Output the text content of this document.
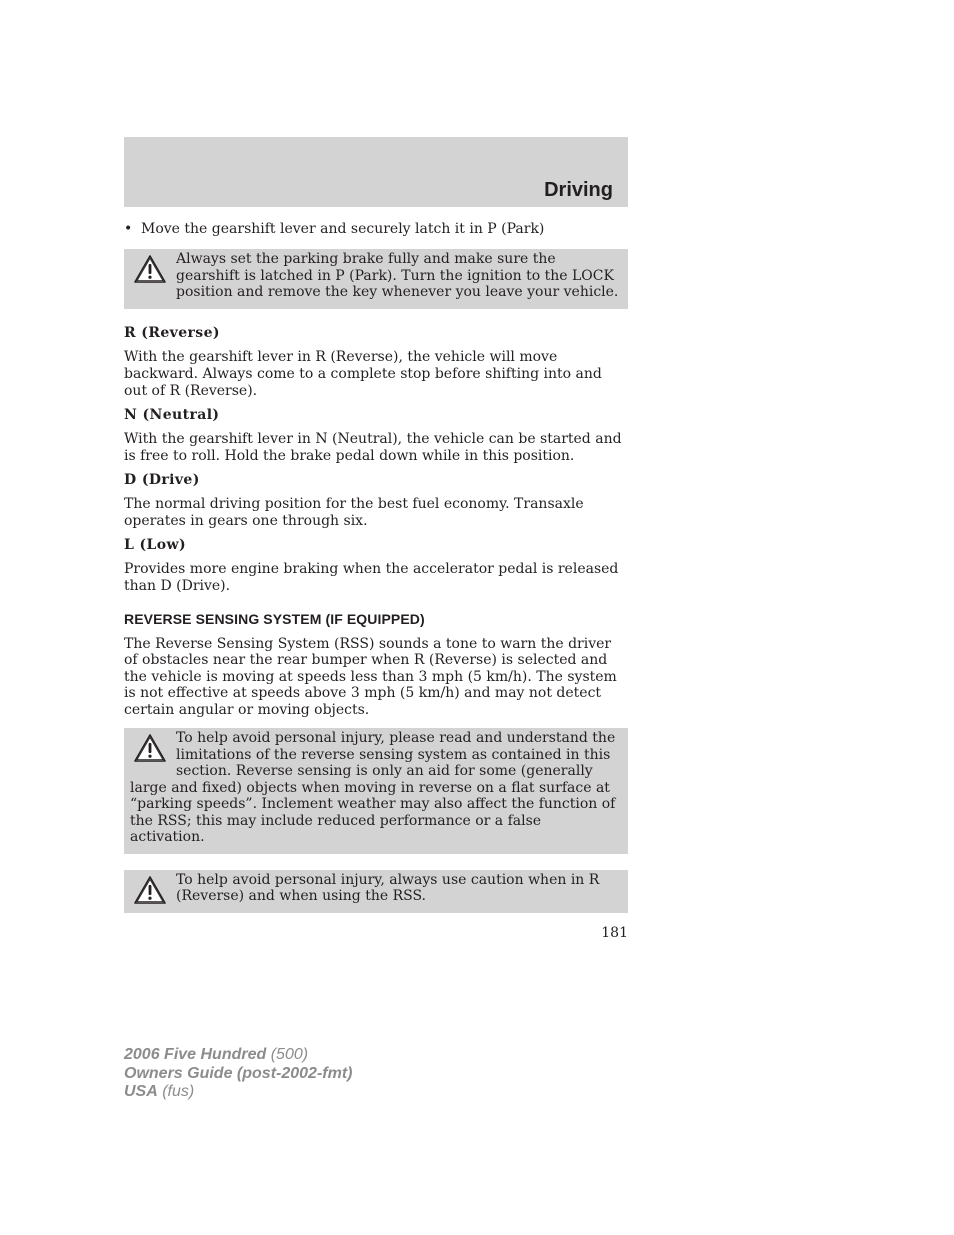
Driving
• Move the gearshift lever and securely latch it in P (Park)
Always set the parking brake fully and make sure the gearshift is latched in P (Park). Turn the ignition to the LOCK position and remove the key whenever you leave your vehicle.
R (Reverse)
With the gearshift lever in R (Reverse), the vehicle will move backward. Always come to a complete stop before shifting into and out of R (Reverse).
N (Neutral)
With the gearshift lever in N (Neutral), the vehicle can be started and is free to roll. Hold the brake pedal down while in this position.
D (Drive)
The normal driving position for the best fuel economy. Transaxle operates in gears one through six.
L (Low)
Provides more engine braking when the accelerator pedal is released than D (Drive).
REVERSE SENSING SYSTEM (IF EQUIPPED)
The Reverse Sensing System (RSS) sounds a tone to warn the driver of obstacles near the rear bumper when R (Reverse) is selected and the vehicle is moving at speeds less than 3 mph (5 km/h). The system is not effective at speeds above 3 mph (5 km/h) and may not detect certain angular or moving objects.
To help avoid personal injury, please read and understand the limitations of the reverse sensing system as contained in this section. Reverse sensing is only an aid for some (generally large and fixed) objects when moving in reverse on a flat surface at “parking speeds”. Inclement weather may also affect the function of the RSS; this may include reduced performance or a false activation.
To help avoid personal injury, always use caution when in R (Reverse) and when using the RSS.
181
2006 Five Hundred (500)
Owners Guide (post-2002-fmt)
USA (fus)
